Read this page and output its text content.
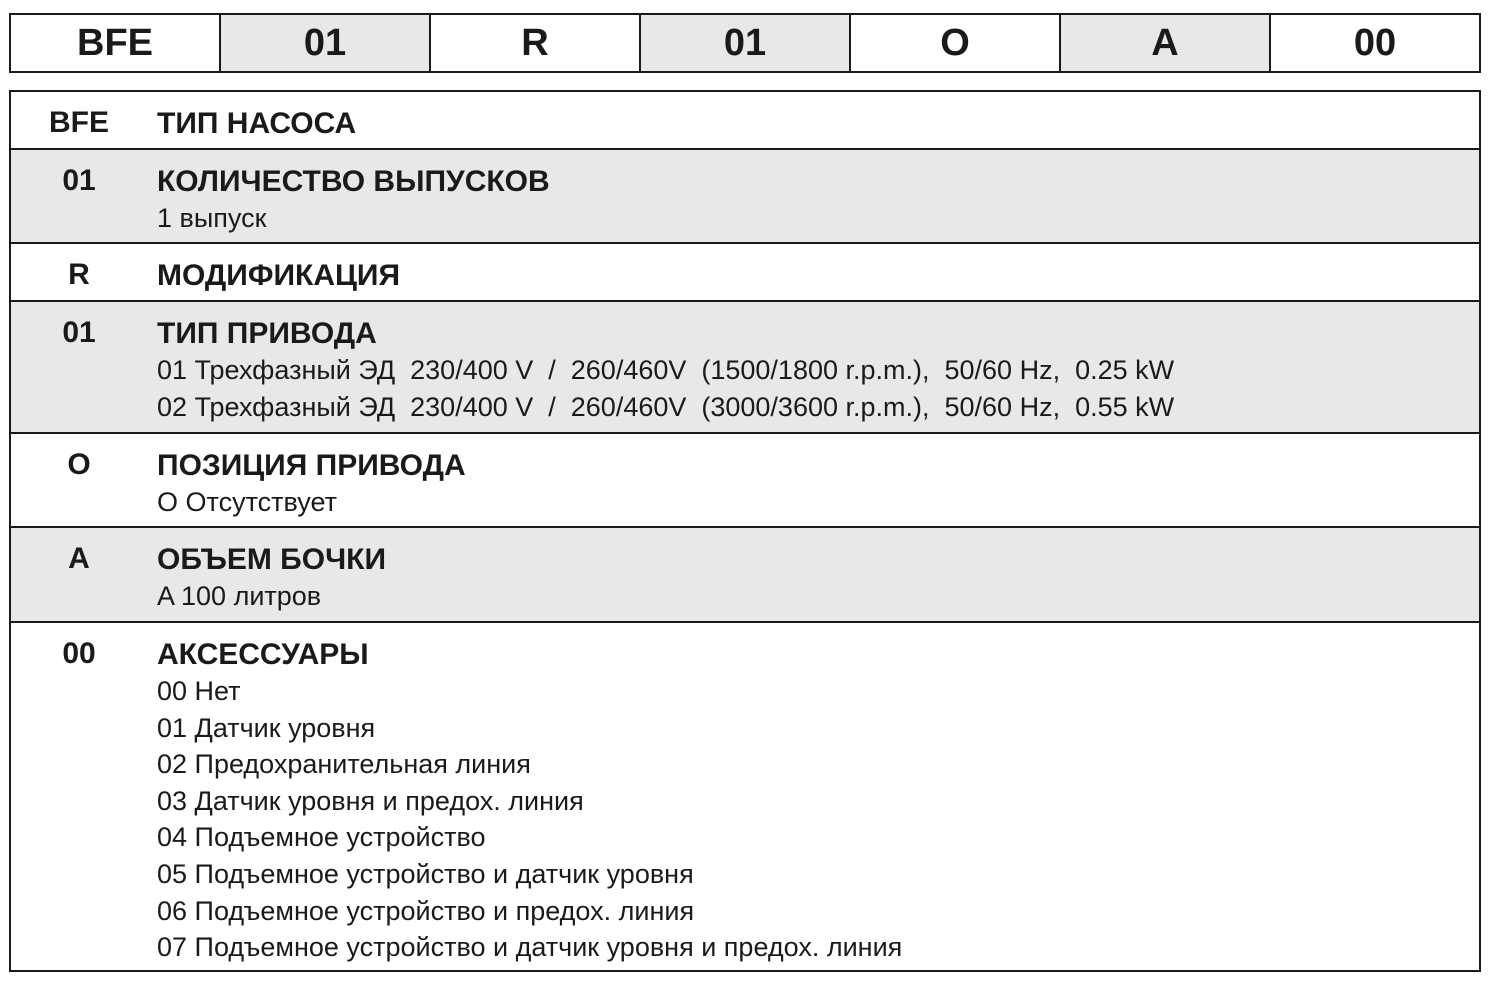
BFE	01	R	01	O	A	00
BFE	ТИП НАСОСА
01	КОЛИЧЕСТВО ВЫПУСКОВ
1 выпуск
R	МОДИФИКАЦИЯ
01	ТИП ПРИВОДА
01 Трехфазный ЭД  230/400 V  /  260/460V  (1500/1800 r.p.m.),  50/60 Hz,  0.25 kW
02 Трехфазный ЭД  230/400 V  /  260/460V  (3000/3600 r.p.m.),  50/60 Hz,  0.55 kW
O	ПОЗИЦИЯ ПРИВОДА
O Отсутствует
A	ОБЪЕМ БОЧКИ
A 100 литров
00	АКСЕССУАРЫ
00 Нет
01 Датчик уровня
02 Предохранительная линия
03 Датчик уровня и предох. линия
04 Подъемное устройство
05 Подъемное устройство и датчик уровня
06 Подъемное устройство и предох. линия
07 Подъемное устройство и датчик уровня и предох. линия
